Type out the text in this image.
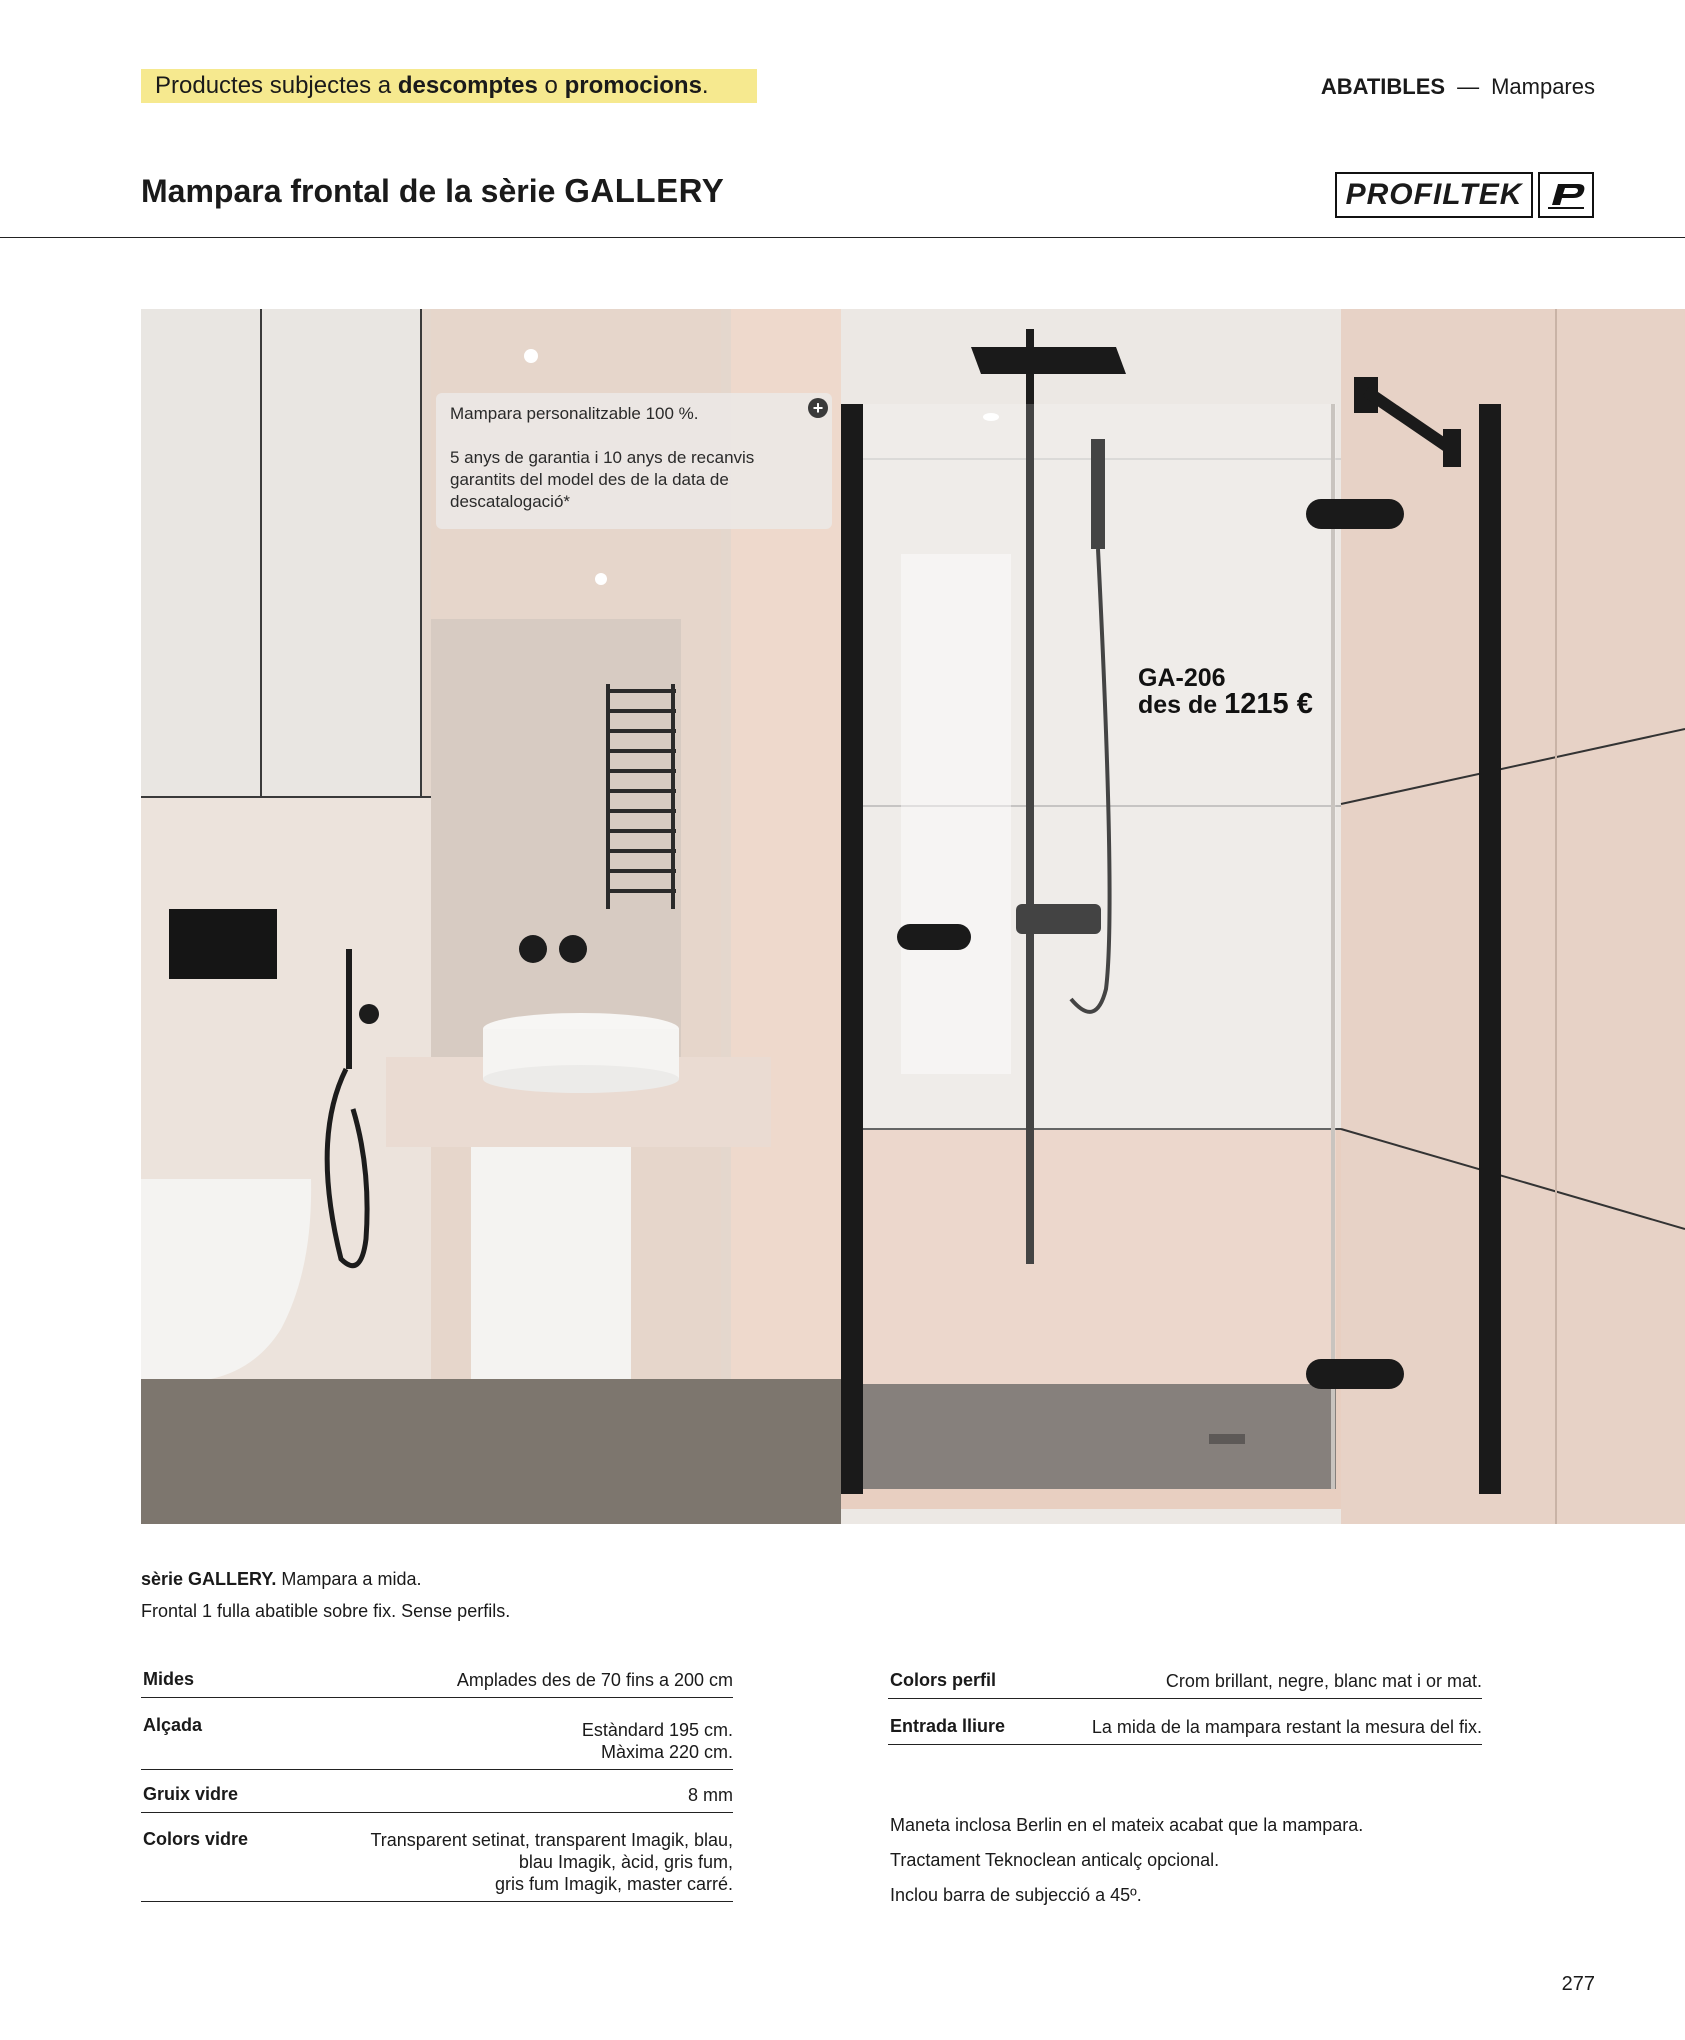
Productes subjectes a descomptes o promocions.	ABATIBLES — Mampares
Mampara frontal de la sèrie GALLERY	PROFILTEK

Mampara personalitzable 100 %.

5 anys de garantia i 10 anys de recanvis garantits del model des de la data de descatalogació*

+
GA-206
des de 1215 €
sèrie GALLERY. Mampara a mida.
Frontal 1 fulla abatible sobre fix. Sense perfils.
Mides	Amplades des de 70 fins a 200 cm
Alçada	Estàndard 195 cm.
Màxima 220 cm.
Gruix vidre	8 mm
Colors vidre	Transparent setinat, transparent Imagik, blau,
blau Imagik, àcid, gris fum,
gris fum Imagik, master carré.
Colors perfil	Crom brillant, negre, blanc mat i or mat.
Entrada lliure	La mida de la mampara restant la mesura del fix.
Maneta inclosa Berlin en el mateix acabat que la mampara.
Tractament Teknoclean anticalç opcional.
Inclou barra de subjecció a 45º.
277
